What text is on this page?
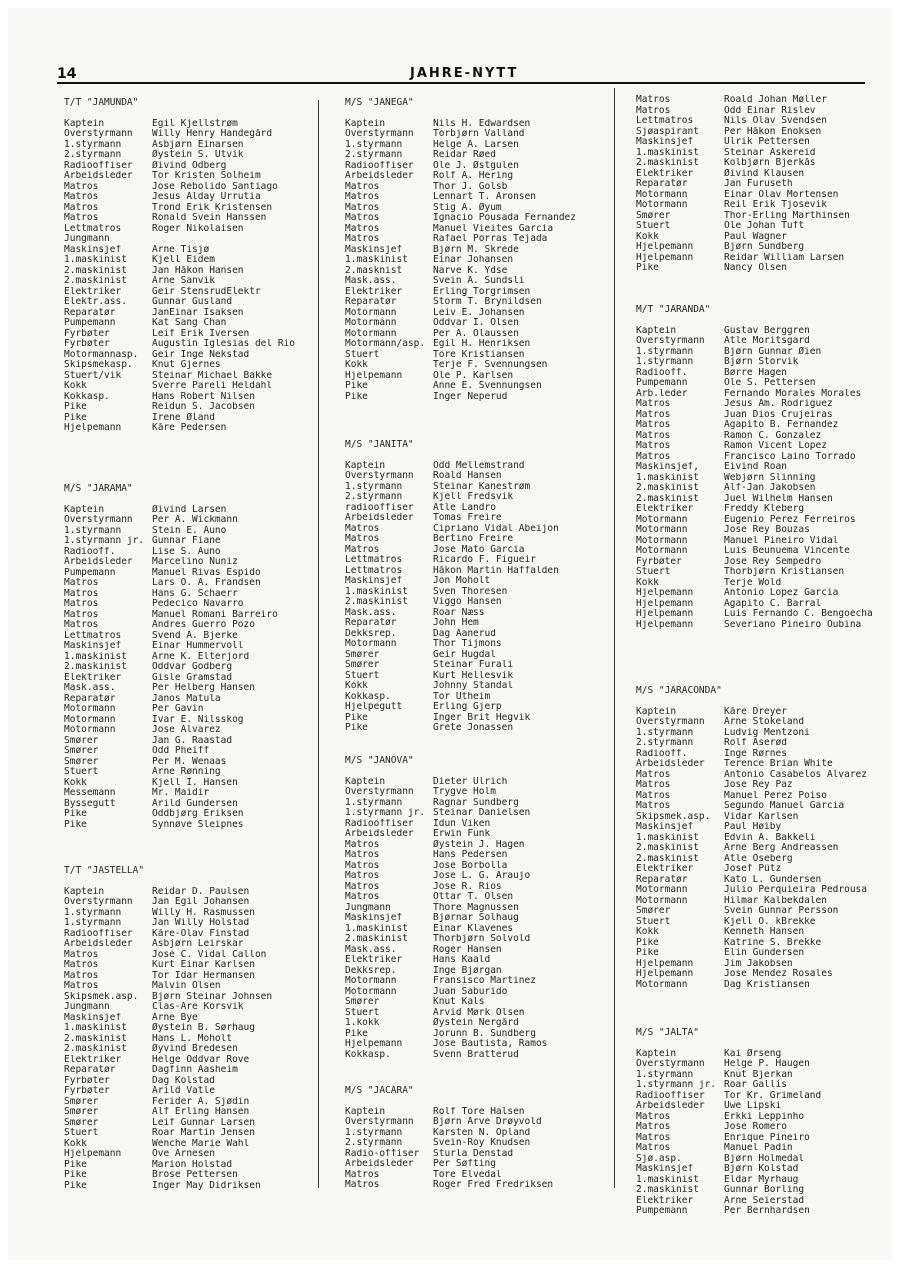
14	JAHRE-NYTT
T/T "JAMUNDA"
Kaptein	Egil Kjellstrøm
Overstyrmann	Willy Henry Handegård
1.styrmann	Asbjørn Einarsen
2.styrmann	Øystein S. Utvik
Radiooffiser	Øivind Odberg
Arbeidsleder	Tor Kristen Solheim
Matros	Jose Rebolido Santiago
Matros	Jesus Alday Urrutia
Matros	Trond Erik Kristensen
Matros	Ronald Svein Hanssen
Lettmatros	Roger Nikolaisen
Jungmann
Maskinsjef	Arne Tisjø
1.maskinist	Kjell Eidem
2.maskinist	Jan Håkon Hansen
2.maskinist	Arne Sanvik
Elektriker	Geir StensrudElektr
Elektr.ass.	Gunnar Gusland
Reparatør	JanEinar Isaksen
Pumpemann	Kat Sang Chan
Fyrbøter	Leif Erik Iversen
Fyrbøter	Augustin Iglesias del Rio
Motormannasp.	Geir Inge Nekstad
Skipsmekasp.	Knut Gjernes
Stuert/vik	Steinar Michael Bakke
Kokk	Sverre Pareli Heldahl
Kokkasp.	Hans Robert Nilsen
Pike	Reidun S. Jacobsen
Pike	Irene Øland
Hjelpemann	Kåre Pedersen
M/S "JARAMA"
Kaptein	Øivind Larsen
Overstyrmann	Per A. Wickmann
1.styrmann	Stein E. Auno
1.styrmann jr. Gunnar Fiane
Radiooff.	Lise S. Auno
Arbeidsleder	Marcelino Nuniz
Pumpemann	Manuel Rivas Espido
Matros	Lars O. A. Frandsen
Matros	Hans G. Schaerr
Matros	Pedecico Navarro
Matros	Manuel Romani Barreiro
Matros	Andres Guerro Pozo
Lettmatros	Svend Å. Bjerke
Maskinsjef	Einar Hummervoll
1.maskinist	Arne K. Elterjord
2.maskinist	Oddvar Godberg
Elektriker	Gisle Gramstad
Mask.ass.	Per Helberg Hansen
Reparatør	Janos Matula
Motormann	Per Gavin
Motormann	Ivar E. Nilsskog
Motormann	Jose Alvarez
Smører	Jan G. Raastad
Smører	Odd Pheiff
Smører	Per M. Wenaas
Stuert	Arne Rønning
Kokk	Kjell I. Hansen
Messemann	Mr. Maidir
Byssegutt	Arild Gundersen
Pike	Oddbjørg Eriksen
Pike	Synnøve Sleipnes
T/T "JASTELLA"
Kaptein	Reidar D. Paulsen
Overstyrmann	Jan Egil Johansen
1.styrmann	Willy H. Rasmussen
1.styrmann	Jan Willy Holstad
Radiooffiser	Kåre-Olav Finstad
Arbeidsleder	Asbjørn Leirskar
Matros	José C. Vidal Callon
Matros	Kurt Einar Karlsen
Matros	Tor Idar Hermansen
Matros	Malvin Olsen
Skipsmek.asp.	Bjørn Steinar Johnsen
Jungmann	Clas-Are Korsvik
Maskinsjef	Arne Bye
1.maskinist	Øystein B. Sørhaug
2.maskinist	Hans L. Moholt
2.maskinist	Øyvind Bredesen
Elektriker	Helge Oddvar Rove
Reparatør	Dagfinn Aasheim
Fyrbøter	Dag Kolstad
Fyrbøter	Arild Vatle
Smører	Ferider A. Sjødin
Smører	Alf Erling Hansen
Smører	Leif Gunnar Larsen
Stuert	Roar Martin Jensen
Kokk	Wenche Marie Wahl
Hjelpemann	Ove Arnesen
Pike	Marion Holstad
Pike	Brose Pettersen
Pike	Inger May Didriksen
M/S "JANEGA"
Kaptein	Nils H. Edwardsen
Overstyrmann	Torbjørn Valland
1.styrmann	Helge A. Larsen
2.styrmann	Reidar Røed
Radiooffiser	Ole J. Østgulen
Arbeidsleder	Rolf A. Hering
Matros	Thor J. Golsb
Matros	Lennart T. Aronsen
Matros	Stig A. Øyum
Matros	Ignacio Pousada Fernandez
Matros	Manuel Vieites Garcia
Matros	Rafael Porras Tejada
Maskinsjef	Bjørn M. Skrede
1.maskinist	Einar Johansen
2.masknist	Narve K. Ydse
Mask.ass.	Svein A. Sundsli
Elektriker	Erling Torgrimsen
Reparatør	Storm T. Brynildsen
Motormann	Leiv E. Johansen
Motormann	Oddvar I. Olsen
Motormann	Per A. Olaussen
Motormann/asp. Egil H. Henriksen
Stuert	Tore Kristiansen
Kokk	Terje F. Svennungsen
Hjelpemann	Ole P. Karlsen
Pike	Anne E. Svennungsen
Pike	Inger Neperud
M/S "JANITA"
Kaptein	Odd Mellemstrand
Overstyrmann	Roald Hansen
1.styrmann	Steinar Kanestrøm
2.styrmann	Kjell Fredsvik
radiooffiser	Atle Landro
Arbeidsleder	Tomas Freire
Matros	Cipriano Vidal Abeijon
Matros	Bertino Freire
Matros	Jose Mato Garcia
Lettmatros	Ricardo F. Figueir
Lettmatros	Håkon Martin Haffalden
Maskinsjef	Jon Moholt
1.maskinist	Sven Thoresen
2.maskinist	Viggo Hansen
Mask.ass.	Roar Næss
Reparatør	John Hem
Dekksrep.	Dag Aanerud
Motormann	Thor Tijmons
Smører	Geir Hugdal
Smører	Steinar Furali
Stuert	Kurt Hellesvik
Kokk	Johnny Standal
Kokkasp.	Tor Utheim
Hjelpegutt	Erling Gjerp
Pike	Inger Brit Hegvik
Pike	Grete Jonassen
M/S "JANOVA"
Kaptein	Dieter Ulrich
Overstyrmann	Trygve Holm
1.styrmann	Ragnar Sundberg
1.styrmann jr. Steinar Danielsen
Radiooffiser	Idun Viken
Arbeidsleder	Erwin Funk
Matros	Øystein J. Hagen
Matros	Hans Pedersen
Matros	Jose Borbolla
Matros	Jose L. G. Araujo
Matros	Jose R. Rios
Matros	Ottar T. Olsen
Jungmann	Thore Magnussen
Maskinsjef	Bjørnar Solhaug
1.maskinist	Einar Klavenes
2.maskinist	Thorbjørn Solvold
Mask.ass.	Roger Hansen
Elektriker	Hans Kaald
Dekksrep.	Inge Bjørgan
Motormann	Fransisco Martinez
Motormann	Juan Saburido
Smører	Knut Kals
Stuert	Arvid Mørk Olsen
1.kokk	Øystein Nergård
Pike	Jorunn B. Sundberg
Hjelpemann	Jose Bautista, Ramos
Kokkasp.	Svenn Bratterud
M/S "JACARA"
Kaptein	Rolf Tore Halsen
Overstyrmann	Bjørn Arve Drøyvold
1.styrmann	Karsten N. Opland
2.styrmann	Svein-Roy Knudsen
Radio-offiser	Sturla Denstad
Arbeidsleder	Per Søfting
Matros	Tore Elvedal
Matros	Roger Fred Fredriksen
Matros	Roald Johan Møller
Matros	Odd Einar Rislev
Lettmatros	Nils Olav Svendsen
Sjøaspirant	Per Håkon Enoksen
Maskinsjef	Ulrik Pettersen
1.maskinist	Steinar Askereid
2.maskinist	Kolbjørn Bjerkås
Elektriker	Øivind Klausen
Reparatør	Jan Furuseth
Motormann	Einar Olav Mortensen
Motormann	Reil Erik Tjosevik
Smører	Thor-Erling Marthinsen
Stuert	Ole Johan Tuft
Kokk	Paul Wagner
Hjelpemann	Bjørn Sundberg
Hjelpemann	Reidar William Larsen
Pike	Nancy Olsen
M/T "JARANDA"
Kaptein	Gustav Berggren
Overstyrmann	Atle Moritsgard
1.styrmann	Bjørn Gunnar Øien
1.styrmann	Bjørn Storvik
Radiooff.	Børre Hagen
Pumpemann	Ole S. Pettersen
Arb.leder	Fernando Morales Morales
Matros	Jesus Am. Rodriguez
Matros	Juan Dios Crujeiras
Matros	Agapito B. Fernandez
Matros	Ramon C. Gonzalez
Matros	Ramon Vicent Lopez
Matros	Francisco Laino Torrado
Maskinsjef,	Eivind Roan
1.maskinist	Webjørn Slinning
2.maskinist	Alf-Jan Jakobsen
2.maskinist	Juel Wilhelm Hansen
Elektriker	Freddy Kleberg
Motormann	Eugenio Perez Ferreiros
Motormann	Jose Rey Bouzas
Motormann	Manuel Pineiro Vidal
Motormann	Luis Beunuema Vincente
Fyrbøter	Jose Rey Sempedro
Stuert	Thorbjørn Kristiansen
Kokk	Terje Wold
Hjelpemann	Antonio Lopez Garcia
Hjelpemann	Agapito C. Barral
Hjelpemann	Luis Fernando C. Bengoecha
Hjelpemann	Severiano Pineiro Oubina
M/S "JARACONDA"
Kaptein	Kåre Dreyer
Overstyrmann	Arne Stokeland
1.styrmann	Ludvig Mentzoni
2.styrmann	Rolf Åserød
Radiooff.	Inge Rørnes
Arbeidsleder	Terence Brian White
Matros	Antonio Casabelos Alvarez
Matros	Jose Rey Paz
Matros	Manuel Perez Poiso
Matros	Segundo Manuel Garcia
Skipsmek.asp.	Vidar Karlsen
Maskinsjef	Paul Høiby
1.maskinist	Edvin A. Bakkeli
2.maskinist	Arne Berg Andreassen
2.maskinist	Atle Oseberg
Elektriker	Josef Pütz
Reparatør	Kato L. Gundersen
Motormann	Julio Perquieira Pedrousa
Motormann	Hilmar Kalbekdalen
Smører	Svein Gunnar Persson
Stuert	Kjell O. kBrekke
Kokk	Kenneth Hansen
Pike	Katrine S. Brekke
Pike	Elin Gundersen
Hjelpemann	Jim Jakobsen
Hjelpemann	Jose Mendez Rosales
Motormann	Dag Kristiansen
M/S "JALTA"
Kaptein	Kai Ørseng
Overstyrmann	Helge P. Haugen
1.styrmann	Knut Bjerkan
1.styrmann jr. Roar Gallis
Radiooffiser	Tor Kr. Grimeland
Arbeidsleder	Uwe Lipski
Matros	Erkki Leppinho
Matros	Jose Romero
Matros	Enrique Pineiro
Matros	Manuel Padin
Sjø.asp.	Bjørn Holmedal
Maskinsjef	Bjørn Kolstad
1.maskinist	Eldar Myrhaug
2.maskinist	Gunnar Borling
Elektriker	Arne Seierstad
Pumpemann	Per Bernhardsen
